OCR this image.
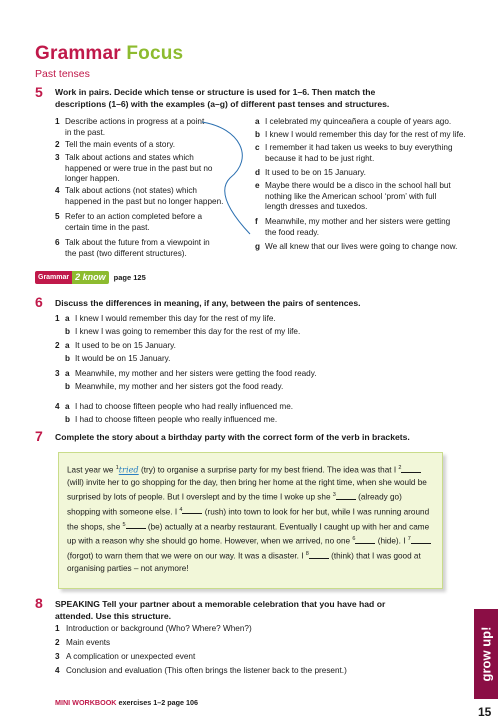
Grammar Focus
Past tenses
5 Work in pairs. Decide which tense or structure is used for 1–6. Then match the
descriptions (1–6) with the examples (a–g) of different past tenses and structures.
1 Describe actions in progress at a point
in the past.
2 Tell the main events of a story.
3 Talk about actions and states which
happened or were true in the past but no
longer happen.
4 Talk about actions (not states) which
happened in the past but no longer happen.
5 Refer to an action completed before a
certain time in the past.
6 Talk about the future from a viewpoint in
the past (two different structures).
a I celebrated my quinceañera a couple of years ago.
b I knew I would remember this day for the rest of my life.
c I remember it had taken us weeks to buy everything
because it had to be just right.
d It used to be on 15 January.
e Maybe there would be a disco in the school hall but
nothing like the American school ‘prom’ with full
length dresses and tuxedos.
f Meanwhile, my mother and her sisters were getting
the food ready.
g We all knew that our lives were going to change now.
Grammar 2 know	page 125
6 Discuss the differences in meaning, if any, between the pairs of sentences.
1 a I knew I would remember this day for the rest of my life.
b I knew I was going to remember this day for the rest of my life.
2 a It used to be on 15 January.
b It would be on 15 January.
3 a Meanwhile, my mother and her sisters were getting the food ready.
b Meanwhile, my mother and her sisters got the food ready.
4 a I had to choose fifteen people who had really influenced me.
b I had to choose fifteen people who really influenced me.
7 Complete the story about a birthday party with the correct form of the verb in brackets.
Last year we $^1$tried (try) to organise a surprise party for my best friend. The idea was that I $^2$ (will) invite her to go shopping for the day, then bring her home at the right time, when she would be surprised by lots of people. But I overslept and by the time I woke up she $^3$ (already go) shopping with someone else. I $^4$ (rush) into town to look for her but, while I was running around the shops, she $^5$ (be) actually at a nearby restaurant. Eventually I caught up with her and came up with a reason why she should go home. However, when we arrived, no one $^6$ (hide). I $^7$ (forgot) to warn them that we were on our way. It was a disaster. I $^8$ (think) that I was good at organising parties – not anymore!
8 SPEAKING Tell your partner about a memorable celebration that you have had or
attended. Use this structure.
1 Introduction or background (Who? Where? When?)
2 Main events
3 A complication or unexpected event
4 Conclusion and evaluation (This often brings the listener back to the present.)
MINI WORKBOOK exercises 1–2 page 106
grow up!
15
